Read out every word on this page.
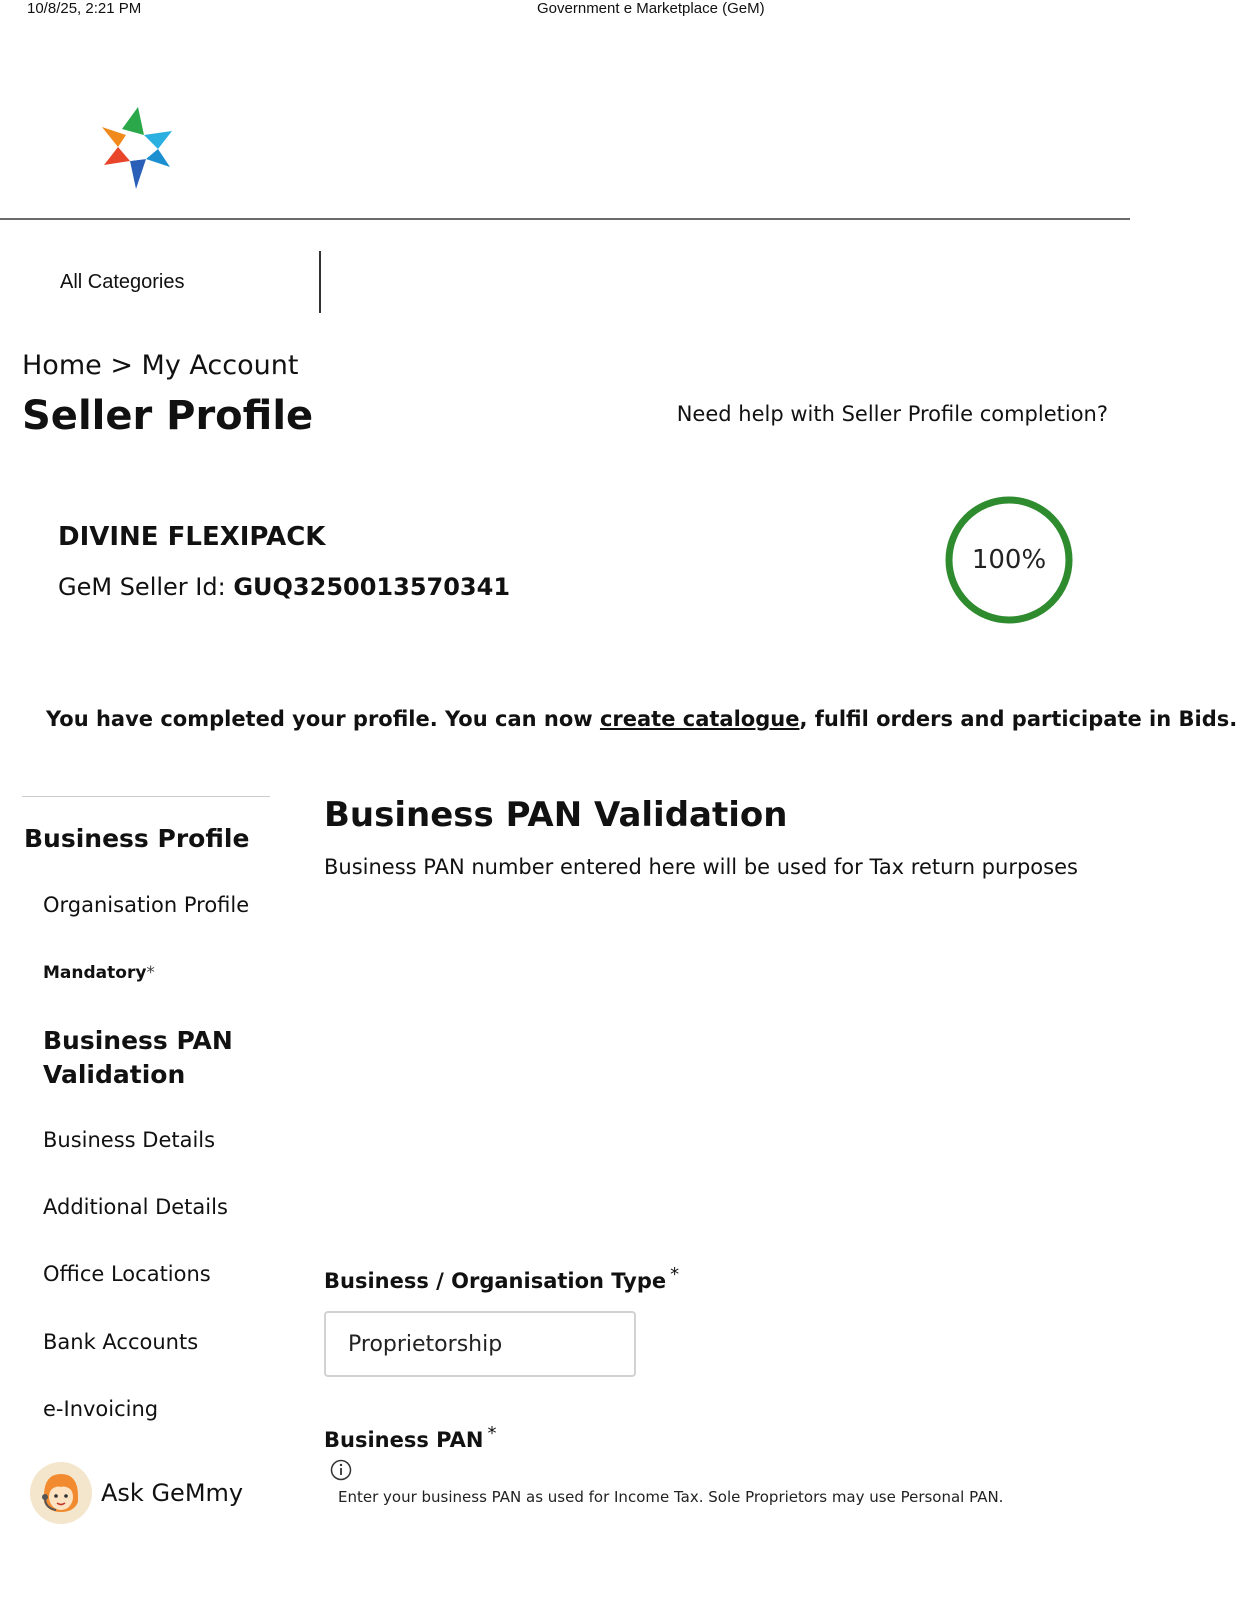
10/8/25, 2:21 PM	Government e Marketplace (GeM)
All Categories
Home > My Account
Seller Profile	Need help with Seller Profile completion?
DIVINE FLEXIPACK
GeM Seller Id: GUQ3250013570341
100%
You have completed your profile. You can now create catalogue, fulfil orders and participate in Bids.
Business Profile
Organisation Profile
Mandatory*
Business PAN Validation
Business Details
Additional Details
Office Locations
Bank Accounts
e-Invoicing
Business PAN Validation
Business PAN number entered here will be used for Tax return purposes
Business / Organisation Type *
Proprietorship
Business PAN *
Enter your business PAN as used for Income Tax. Sole Proprietors may use Personal PAN.
Ask GeMmy
